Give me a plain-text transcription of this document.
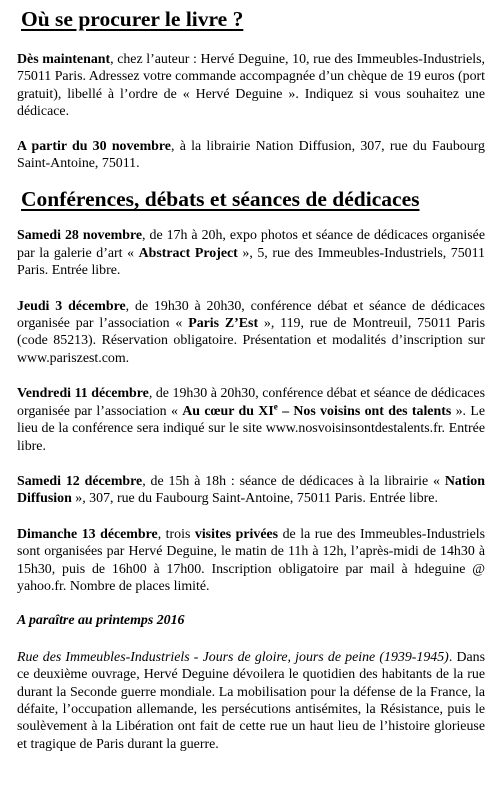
Où se procurer le livre ?

Dès maintenant, chez l’auteur : Hervé Deguine, 10, rue des Immeubles-Industriels, 75011 Paris. Adressez votre commande accompagnée d’un chèque de 19 euros (port gratuit), libellé à l’ordre de « Hervé Deguine ». Indiquez si vous souhaitez une dédicace.

A partir du 30 novembre, à la librairie Nation Diffusion, 307, rue du Faubourg Saint-Antoine, 75011.

Conférences, débats et séances de dédicaces

Samedi 28 novembre, de 17h à 20h, expo photos et séance de dédicaces organisée par la galerie d’art « Abstract Project », 5, rue des Immeubles-Industriels, 75011 Paris. Entrée libre.

Jeudi 3 décembre, de 19h30 à 20h30, conférence débat et séance de dédicaces organisée par l’association « Paris Z’Est », 119, rue de Montreuil, 75011 Paris (code 85213). Réservation obligatoire. Présentation et modalités d’inscription sur www.pariszest.com.

Vendredi 11 décembre, de 19h30 à 20h30, conférence débat et séance de dédicaces organisée par l’association « Au cœur du XIe – Nos voisins ont des talents ». Le lieu de la conférence sera indiqué sur le site www.nosvoisinsontdestalents.fr. Entrée libre.

Samedi 12 décembre, de 15h à 18h : séance de dédicaces à la librairie « Nation Diffusion », 307, rue du Faubourg Saint-Antoine, 75011 Paris. Entrée libre.

Dimanche 13 décembre, trois visites privées de la rue des Immeubles-Industriels sont organisées par Hervé Deguine, le matin de 11h à 12h, l’après-midi de 14h30 à 15h30, puis de 16h00 à 17h00. Inscription obligatoire par mail à hdeguine @ yahoo.fr. Nombre de places limité.

A paraître au printemps 2016

Rue des Immeubles-Industriels - Jours de gloire, jours de peine (1939-1945). Dans ce deuxième ouvrage, Hervé Deguine dévoilera le quotidien des habitants de la rue durant la Seconde guerre mondiale. La mobilisation pour la défense de la France, la défaite, l’occupation allemande, les persécutions antisémites, la Résistance, puis le soulèvement à la Libération ont fait de cette rue un haut lieu de l’histoire glorieuse et tragique de Paris durant la guerre.
